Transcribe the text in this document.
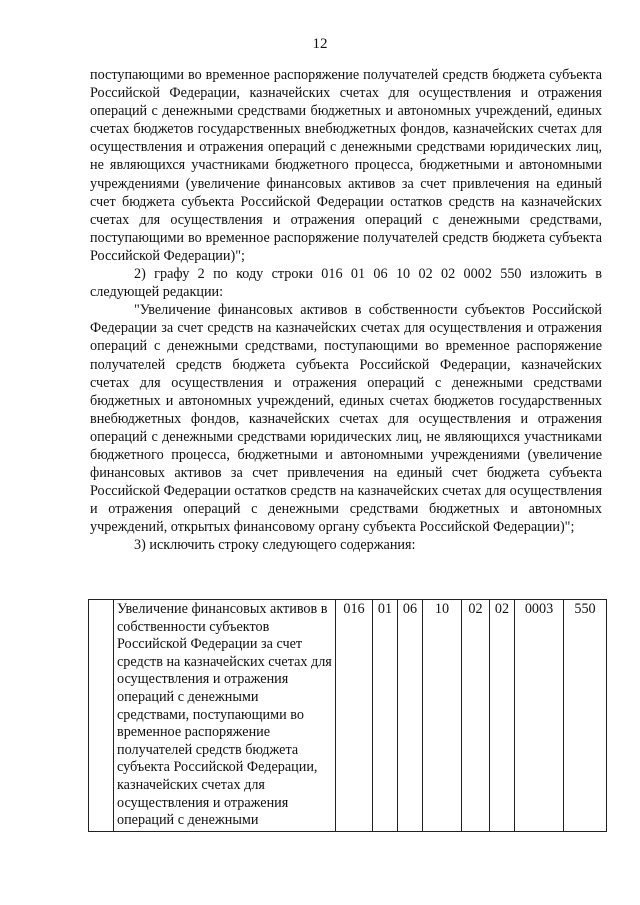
12

поступающими во временное распоряжение получателей средств бюджета субъекта Российской Федерации, казначейских счетах для осуществления и отражения операций с денежными средствами бюджетных и автономных учреждений, единых счетах бюджетов государственных внебюджетных фондов, казначейских счетах для осуществления и отражения операций с денежными средствами юридических лиц, не являющихся участниками бюджетного процесса, бюджетными и автономными учреждениями (увеличение финансовых активов за счет привлечения на единый счет бюджета субъекта Российской Федерации остатков средств на казначейских счетах для осуществления и отражения операций с денежными средствами, поступающими во временное распоряжение получателей средств бюджета субъекта Российской Федерации)";

2) графу 2 по коду строки 016 01 06 10 02 02 0002 550 изложить в следующей редакции:

"Увеличение финансовых активов в собственности субъектов Российской Федерации за счет средств на казначейских счетах для осуществления и отражения операций с денежными средствами, поступающими во временное распоряжение получателей средств бюджета субъекта Российской Федерации, казначейских счетах для осуществления и отражения операций с денежными средствами бюджетных и автономных учреждений, единых счетах бюджетов государственных внебюджетных фондов, казначейских счетах для осуществления и отражения операций с денежными средствами юридических лиц, не являющихся участниками бюджетного процесса, бюджетными и автономными учреждениями (увеличение финансовых активов за счет привлечения на единый счет бюджета субъекта Российской Федерации остатков средств на казначейских счетах для осуществления и отражения операций с денежными средствами бюджетных и автономных учреждений, открытых финансовому органу субъекта Российской Федерации)";

3) исключить строку следующего содержания:

	Увеличение финансовых активов в собственности субъектов Российской Федерации за счет средств на казначейских счетах для осуществления и отражения операций с денежными средствами, поступающими во временное распоряжение получателей средств бюджета субъекта Российской Федерации, казначейских счетах для осуществления и отражения операций с денежными	016	01	06	10	02	02	0003	550
